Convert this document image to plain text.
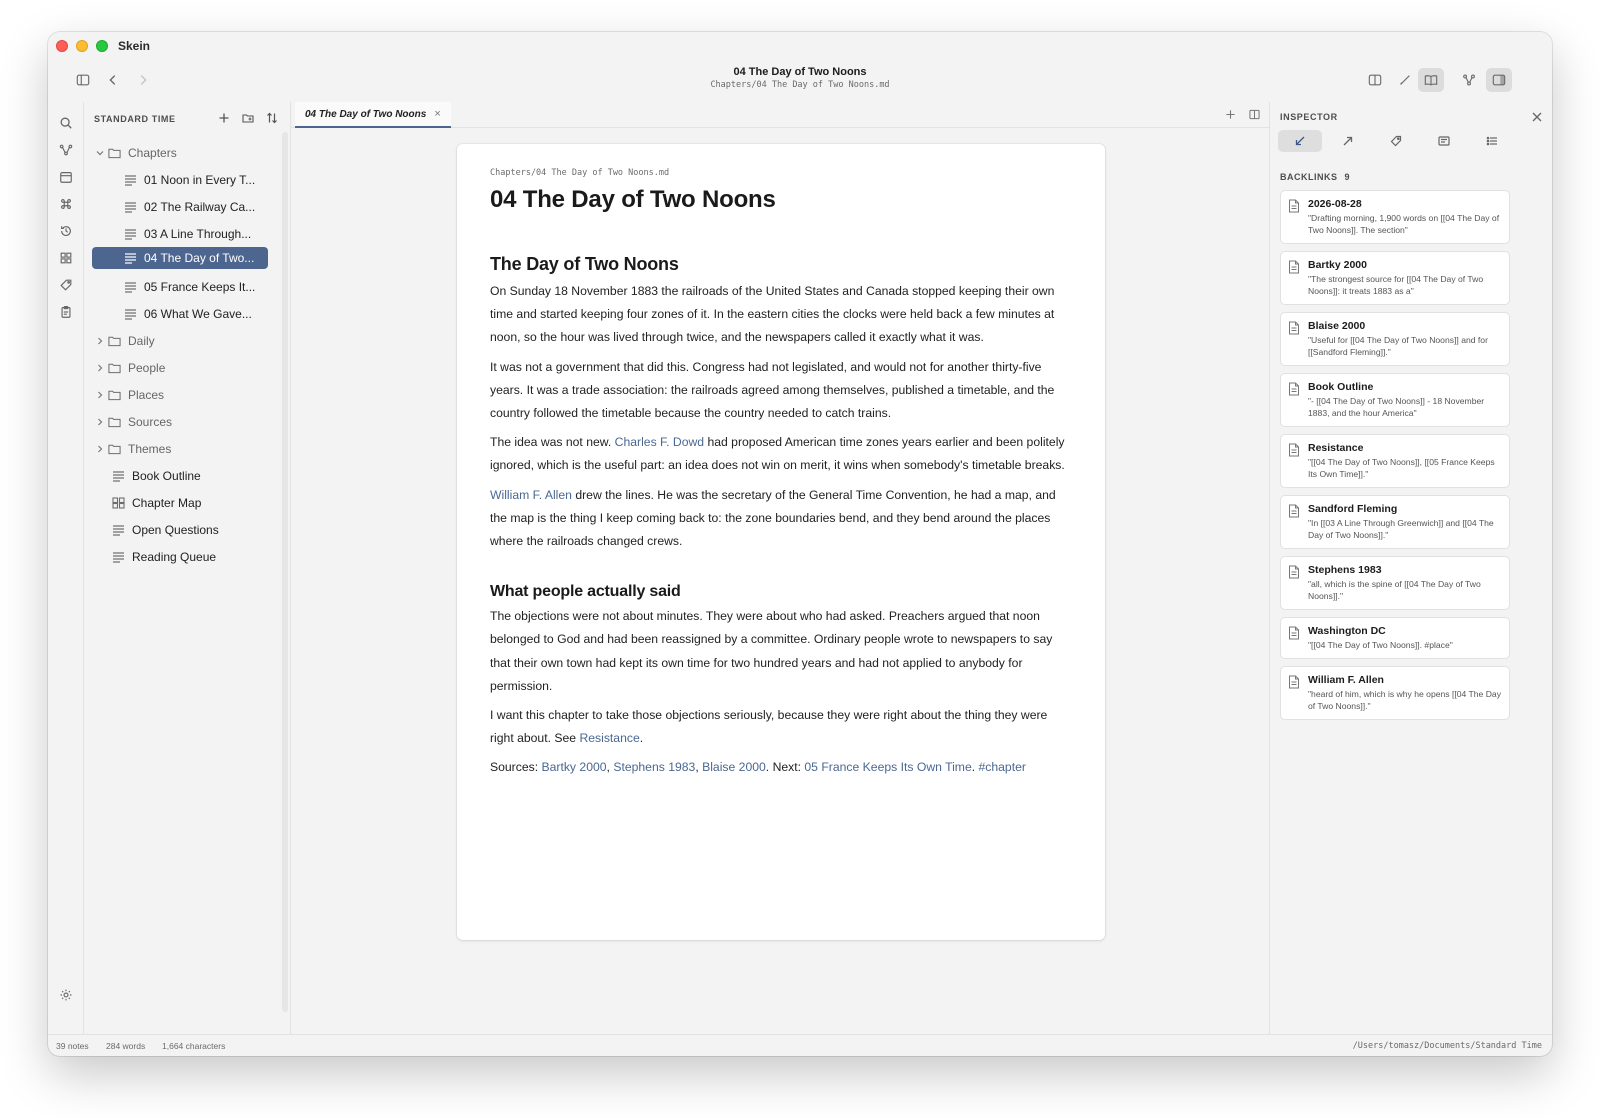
Skein
04 The Day of Two Noons
Chapters/04 The Day of Two Noons.md
STANDARD TIME
Chapters
01 Noon in Every T...
02 The Railway Ca...
03 A Line Through...
04 The Day of Two...
05 France Keeps It...
06 What We Gave...
Daily
People
Places
Sources
Themes
Book Outline
Chapter Map
Open Questions
Reading Queue
04 The Day of Two Noons ×
Chapters/04 The Day of Two Noons.md
04 The Day of Two Noons
The Day of Two Noons

On Sunday 18 November 1883 the railroads of the United States and Canada stopped keeping their own time and started keeping four zones of it. In the eastern cities the clocks were held back a few minutes at noon, so the hour was lived through twice, and the newspapers called it exactly what it was.

It was not a government that did this. Congress had not legislated, and would not for another thirty-five years. It was a trade association: the railroads agreed among themselves, published a timetable, and the country followed the timetable because the country needed to catch trains.

The idea was not new. Charles F. Dowd had proposed American time zones years earlier and been politely ignored, which is the useful part: an idea does not win on merit, it wins when somebody's timetable breaks.

William F. Allen drew the lines. He was the secretary of the General Time Convention, he had a map, and the map is the thing I keep coming back to: the zone boundaries bend, and they bend around the places where the railroads changed crews.

What people actually said

The objections were not about minutes. They were about who had asked. Preachers argued that noon belonged to God and had been reassigned by a committee. Ordinary people wrote to newspapers to say that their own town had kept its own time for two hundred years and had not applied to anybody for permission.

I want this chapter to take those objections seriously, because they were right about the thing they were right about. See Resistance.

Sources: Bartky 2000, Stephens 1983, Blaise 2000. Next: 05 France Keeps Its Own Time. #chapter

INSPECTOR
BACKLINKS 9
2026-08-28
"Drafting morning, 1,900 words on [[04 The Day of Two Noons]]. The section"
Bartky 2000
"The strongest source for [[04 The Day of Two Noons]]: it treats 1883 as a"
Blaise 2000
"Useful for [[04 The Day of Two Noons]] and for [[Sandford Fleming]]."
Book Outline
"- [[04 The Day of Two Noons]] - 18 November 1883, and the hour America"
Resistance
"[[04 The Day of Two Noons]], [[05 France Keeps Its Own Time]]."
Sandford Fleming
"In [[03 A Line Through Greenwich]] and [[04 The Day of Two Noons]]."
Stephens 1983
"all, which is the spine of [[04 The Day of Two Noons]]."
Washington DC
"[[04 The Day of Two Noons]]. #place"
William F. Allen
"heard of him, which is why he opens [[04 The Day of Two Noons]]."
39 notes 284 words 1,664 characters	/Users/tomasz/Documents/Standard Time
